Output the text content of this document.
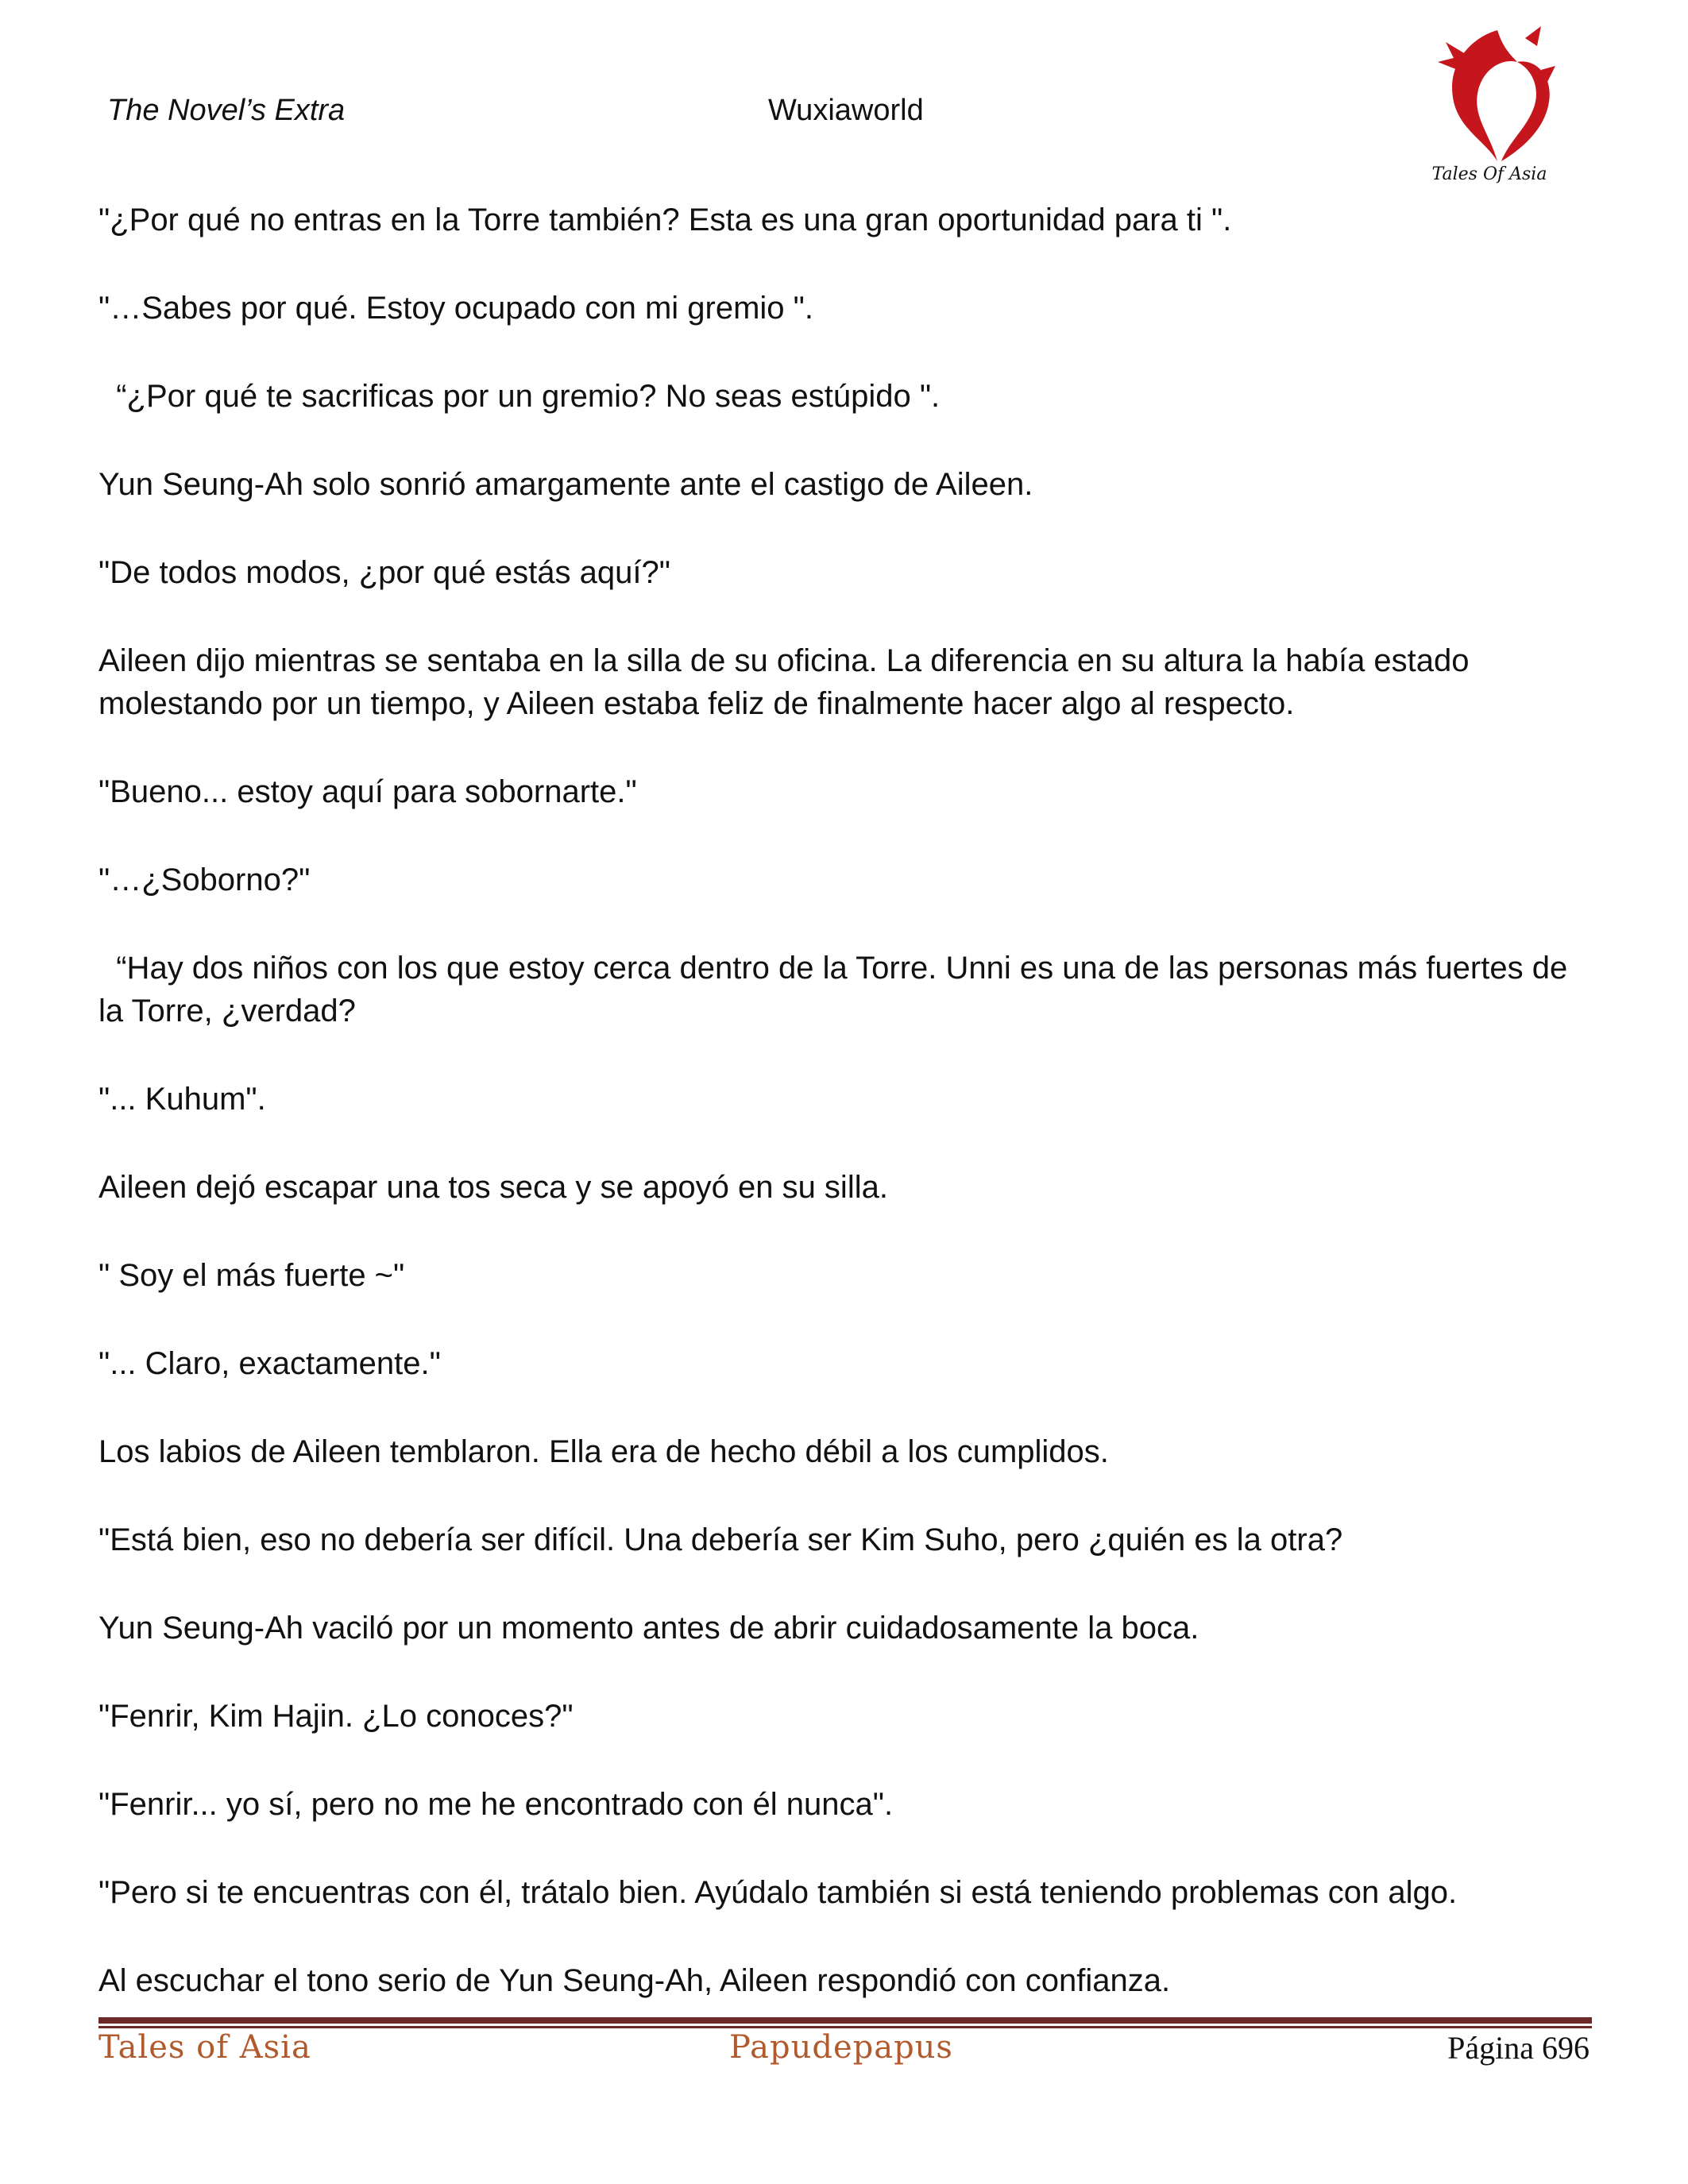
The Novel’s Extra	Wuxiaworld
Tales Of Asia

"¿Por qué no entras en la Torre también? Esta es una gran oportunidad para ti ".

"…Sabes por qué. Estoy ocupado con mi gremio ".

“¿Por qué te sacrificas por un gremio? No seas estúpido ".

Yun Seung-Ah solo sonrió amargamente ante el castigo de Aileen.

"De todos modos, ¿por qué estás aquí?"

Aileen dijo mientras se sentaba en la silla de su oficina. La diferencia en su altura la había estado molestando por un tiempo, y Aileen estaba feliz de finalmente hacer algo al respecto.

"Bueno... estoy aquí para sobornarte."

"…¿Soborno?"

“Hay dos niños con los que estoy cerca dentro de la Torre. Unni es una de las personas más fuertes de la Torre, ¿verdad?

"... Kuhum".

Aileen dejó escapar una tos seca y se apoyó en su silla.

" Soy el más fuerte ~"

"... Claro, exactamente."

Los labios de Aileen temblaron. Ella era de hecho débil a los cumplidos.

"Está bien, eso no debería ser difícil. Una debería ser Kim Suho, pero ¿quién es la otra?

Yun Seung-Ah vaciló por un momento antes de abrir cuidadosamente la boca.

"Fenrir, Kim Hajin. ¿Lo conoces?"

"Fenrir... yo sí, pero no me he encontrado con él nunca".

"Pero si te encuentras con él, trátalo bien. Ayúdalo también si está teniendo problemas con algo.

Al escuchar el tono serio de Yun Seung-Ah, Aileen respondió con confianza.

Tales of Asia	Papudepapus	Página 696
